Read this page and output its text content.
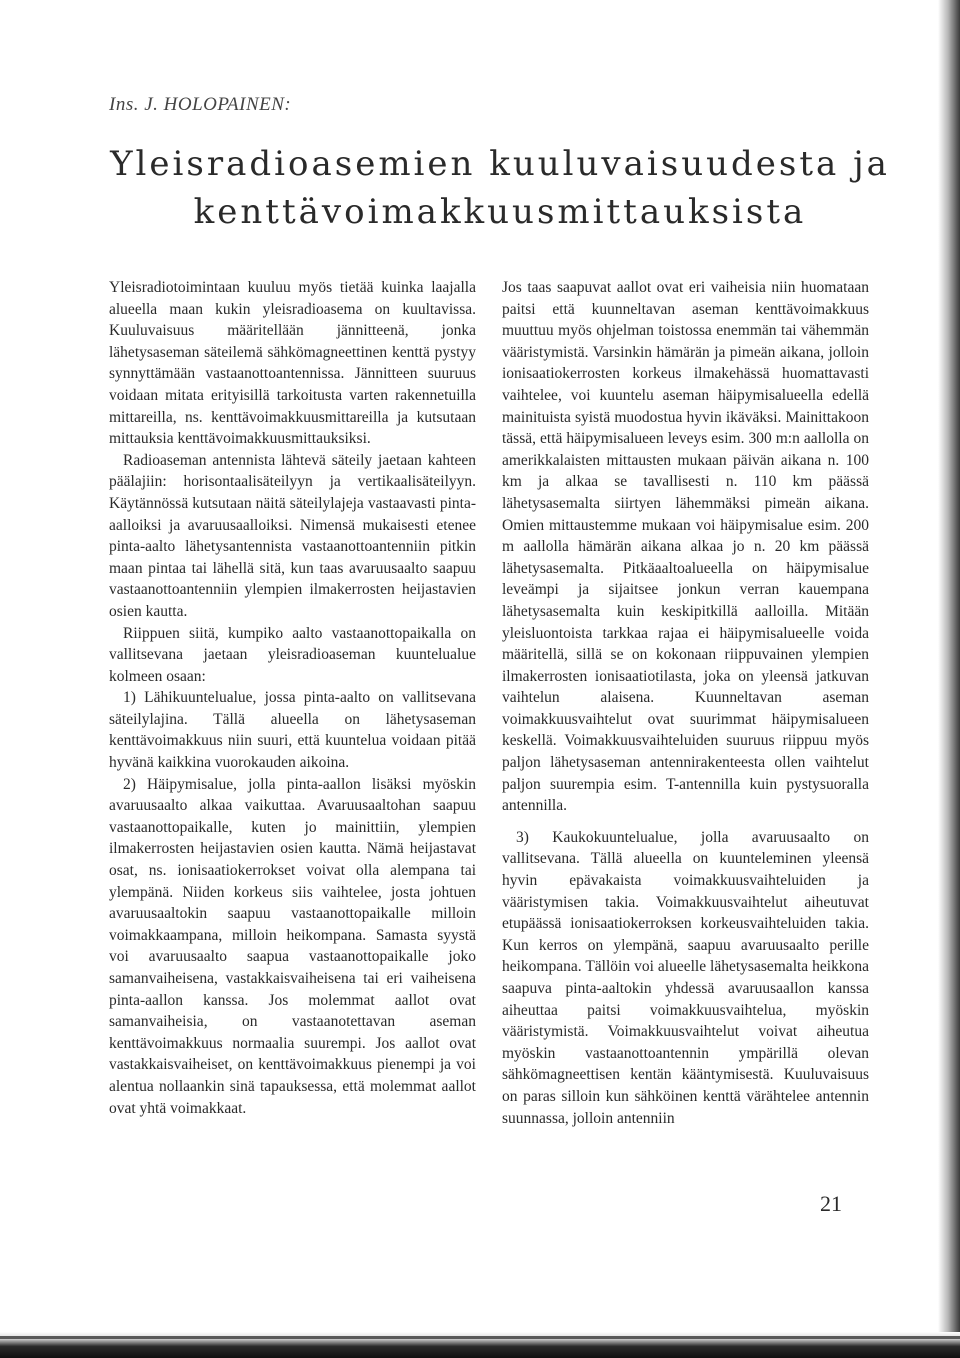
Ins. J. HOLOPAINEN:

Yleisradioasemien kuuluvaisuudesta ja
kenttävoimakkuusmittauksista

Yleisradiotoimintaan kuuluu myös tietää kuinka laajalla alueella maan kukin yleisradioasema on kuultavissa. Kuuluvaisuus määritellään jännitteenä, jonka lähetysaseman säteilemä sähkömagneettinen kenttä pystyy synnyttämään vastaanottoantennissa. Jännitteen suuruus voidaan mitata erityisillä tarkoitusta varten rakennetuilla mittareilla, ns. kenttävoimakkuusmittareilla ja kutsutaan mittauksia kenttävoimakkuusmittauksiksi.

Radioaseman antennista lähtevä säteily jaetaan kahteen päälajiin: horisontaalisäteilyyn ja vertikaalisäteilyyn. Käytännössä kutsutaan näitä säteilylajeja vastaavasti pinta-aalloiksi ja avaruusaalloiksi. Nimensä mukaisesti etenee pinta-aalto lähetysantennista vastaanottoantenniin pitkin maan pintaa tai lähellä sitä, kun taas avaruusaalto saapuu vastaanottoantenniin ylempien ilmakerrosten heijastavien osien kautta.

Riippuen siitä, kumpiko aalto vastaanottopaikalla on vallitsevana jaetaan yleisradioaseman kuuntelualue kolmeen osaan:

1) Lähikuuntelualue, jossa pinta-aalto on vallitsevana säteilylajina. Tällä alueella on lähetysaseman kenttävoimakkuus niin suuri, että kuuntelua voidaan pitää hyvänä kaikkina vuorokauden aikoina.

2) Häipymisalue, jolla pinta-aallon lisäksi myöskin avaruusaalto alkaa vaikuttaa. Avaruusaaltohan saapuu vastaanottopaikalle, kuten jo mainittiin, ylempien ilmakerrosten heijastavien osien kautta. Nämä heijastavat osat, ns. ionisaatiokerrokset voivat olla alempana tai ylempänä. Niiden korkeus siis vaihtelee, josta johtuen avaruusaaltokin saapuu vastaanottopaikalle milloin voimakkaampana, milloin heikompana. Samasta syystä voi avaruusaalto saapua vastaanottopaikalle joko samanvaiheisena, vastakkaisvaiheisena tai eri vaiheisena pinta-aallon kanssa. Jos molemmat aallot ovat samanvaiheisia, on vastaanotettavan aseman kenttävoimakkuus normaalia suurempi. Jos aallot ovat vastakkaisvaiheiset, on kenttävoimakkuus pienempi ja voi alentua nollaankin sinä tapauksessa, että molemmat aallot ovat yhtä voimakkaat.

Jos taas saapuvat aallot ovat eri vaiheisia niin huomataan paitsi että kuunneltavan aseman kenttävoimakkuus muuttuu myös ohjelman toistossa enemmän tai vähemmän vääristymistä. Varsinkin hämärän ja pimeän aikana, jolloin ionisaatiokerrosten korkeus ilmakehässä huomattavasti vaihtelee, voi kuuntelu aseman häipymisalueella edellä mainituista syistä muodostua hyvin ikäväksi. Mainittakoon tässä, että häipymisalueen leveys esim. 300 m:n aallolla on amerikkalaisten mittausten mukaan päivän aikana n. 100 km ja alkaa se tavallisesti n. 110 km päässä lähetysasemalta siirtyen lähemmäksi pimeän aikana. Omien mittaustemme mukaan voi häipymisalue esim. 200 m aallolla hämärän aikana alkaa jo n. 20 km päässä lähetysasemalta. Pitkäaaltoalueella on häipymisalue leveämpi ja sijaitsee jonkun verran kauempana lähetysasemalta kuin keskipitkillä aalloilla. Mitään yleisluontoista tarkkaa rajaa ei häipymisalueelle voida määritellä, sillä se on kokonaan riippuvainen ylempien ilmakerrosten ionisaatiotilasta, joka on yleensä jatkuvan vaihtelun alaisena. Kuunneltavan aseman voimakkuusvaihtelut ovat suurimmat häipymisalueen keskellä. Voimakkuusvaihteluiden suuruus riippuu myös paljon lähetysaseman antennirakenteesta ollen vaihtelut paljon suurempia esim. T-antennilla kuin pystysuoralla antennilla.

3) Kaukokuuntelualue, jolla avaruusaalto on vallitsevana. Tällä alueella on kuunteleminen yleensä hyvin epävakaista voimakkuusvaihteluiden ja vääristymisen takia. Voimakkuusvaihtelut aiheutuvat etupäässä ionisaatiokerroksen korkeusvaihteluiden takia. Kun kerros on ylempänä, saapuu avaruusaalto perille heikompana. Tällöin voi alueelle lähetysasemalta heikkona saapuva pinta-aaltokin yhdessä avaruusaallon kanssa aiheuttaa paitsi voimakkuusvaihtelua, myöskin vääristymistä. Voimakkuusvaihtelut voivat aiheutua myöskin vastaanottoantennin ympärillä olevan sähkömagneettisen kentän kääntymisestä. Kuuluvaisuus on paras silloin kun sähköinen kenttä värähtelee antennin suunnassa, jolloin antenniin

21
